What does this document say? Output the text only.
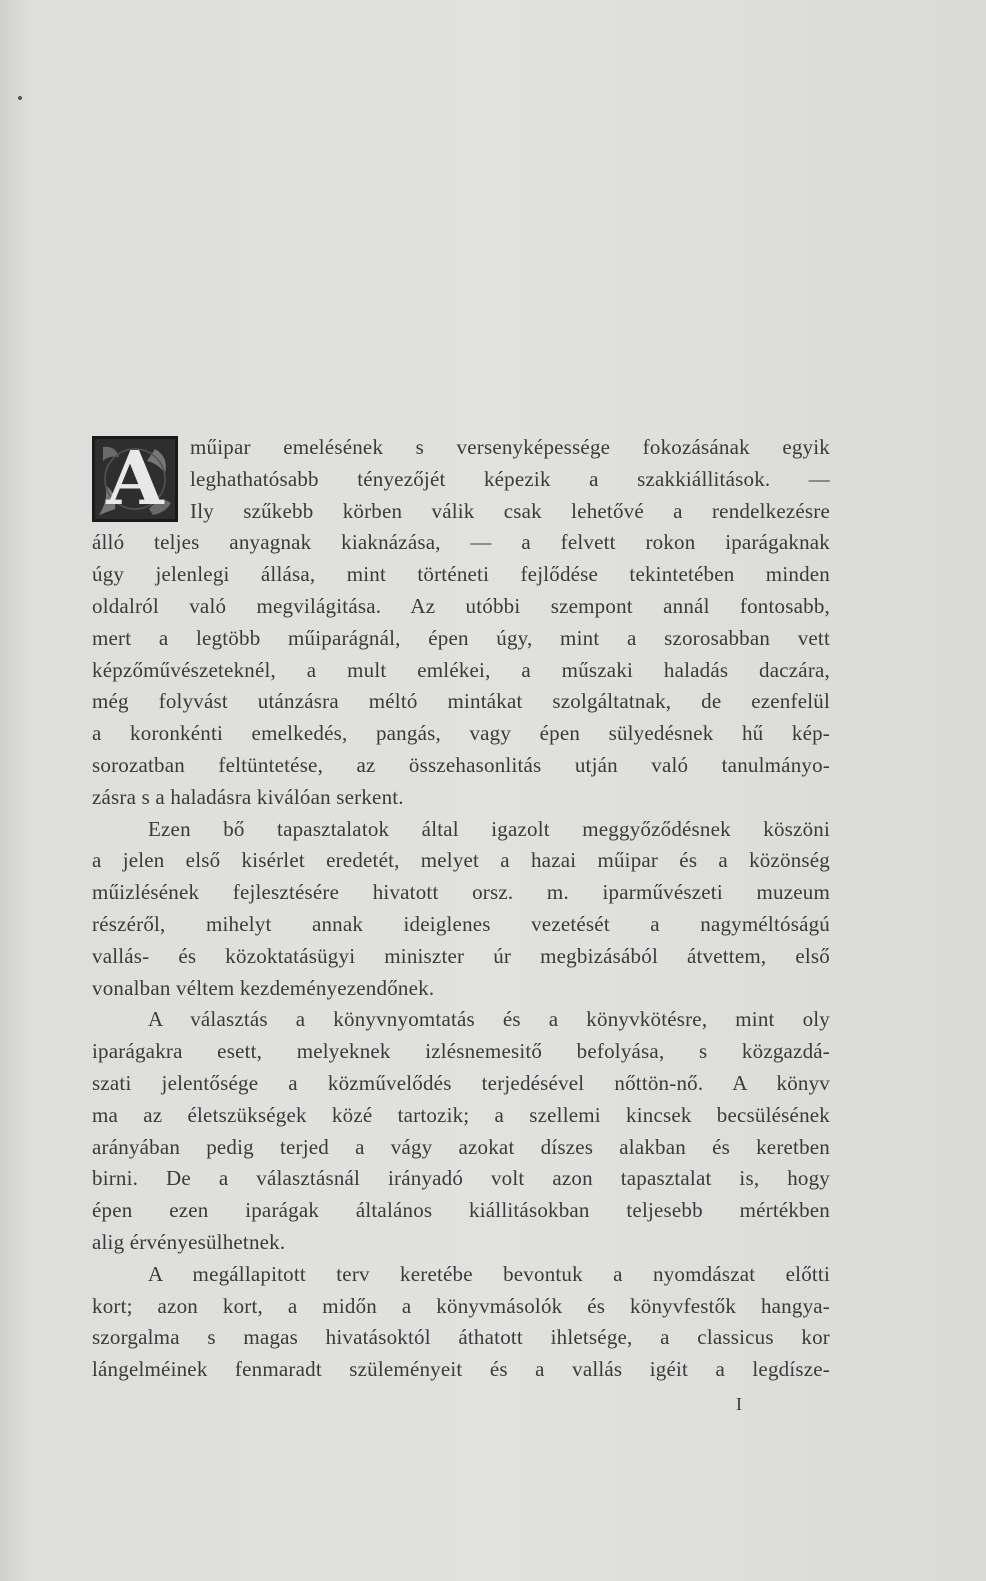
A	műipar emelésének s versenyképessége fokozásának egyik
leghathatósabb tényezőjét képezik a szakkiállitások. —
Ily szűkebb körben válik csak lehetővé a rendelkezésre
álló teljes anyagnak kiaknázása, — a felvett rokon iparágaknak
úgy jelenlegi állása, mint történeti fejlődése tekintetében minden
oldalról való megvilágitása. Az utóbbi szempont annál fontosabb,
mert a legtöbb műiparágnál, épen úgy, mint a szorosabban vett
képzőművészeteknél, a mult emlékei, a műszaki haladás daczára,
még folyvást utánzásra méltó mintákat szolgáltatnak, de ezenfelül
a koronkénti emelkedés, pangás, vagy épen sülyedésnek hű kép-
sorozatban feltüntetése, az összehasonlitás utján való tanulmányo-
zásra s a haladásra kiválóan serkent.
Ezen bő tapasztalatok által igazolt meggyőződésnek köszöni
a jelen első kisérlet eredetét, melyet a hazai műipar és a közönség
műizlésének fejlesztésére hivatott orsz. m. iparművészeti muzeum
részéről, mihelyt annak ideiglenes vezetését a nagyméltóságú
vallás- és közoktatásügyi miniszter úr megbizásából átvettem, első
vonalban véltem kezdeményezendőnek.
A választás a könyvnyomtatás és a könyvkötésre, mint oly
iparágakra esett, melyeknek izlésnemesitő befolyása, s közgazdá-
szati jelentősége a közművelődés terjedésével nőttön-nő. A könyv
ma az életszükségek közé tartozik; a szellemi kincsek becsülésének
arányában pedig terjed a vágy azokat díszes alakban és keretben
birni. De a választásnál irányadó volt azon tapasztalat is, hogy
épen ezen iparágak általános kiállitásokban teljesebb mértékben
alig érvényesülhetnek.
A megállapitott terv keretébe bevontuk a nyomdászat előtti
kort; azon kort, a midőn a könyvmásolók és könyvfestők hangya-
szorgalma s magas hivatásoktól áthatott ihletsége, a classicus kor
lángelméinek fenmaradt szüleményeit és a vallás igéit a legdísze-
I
